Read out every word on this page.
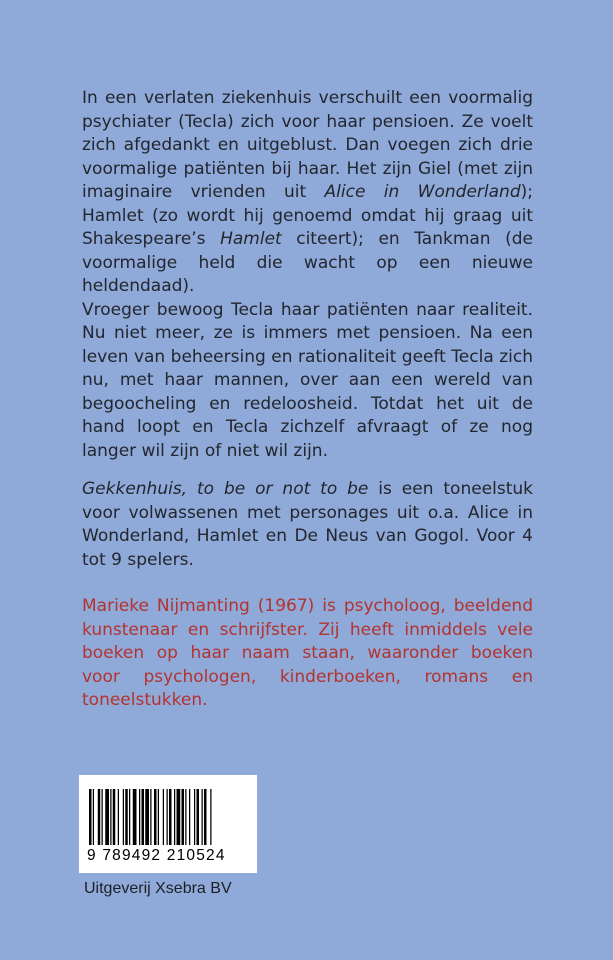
In een verlaten ziekenhuis verschuilt een voormalig psychiater (Tecla) zich voor haar pensioen. Ze voelt zich afgedankt en uitgeblust. Dan voegen zich drie voormalige patiënten bij haar. Het zijn Giel (met zijn imaginaire vrienden uit Alice in Wonderland); Hamlet (zo wordt hij genoemd omdat hij graag uit Shakespeare’s Hamlet citeert); en Tankman (de voormalige held die wacht op een nieuwe heldendaad).

Vroeger bewoog Tecla haar patiënten naar realiteit. Nu niet meer, ze is immers met pensioen. Na een leven van beheersing en rationaliteit geeft Tecla zich nu, met haar mannen, over aan een wereld van begoocheling en redeloosheid. Totdat het uit de hand loopt en Tecla zichzelf afvraagt of ze nog langer wil zijn of niet wil zijn.

Gekkenhuis, to be or not to be is een toneelstuk voor volwassenen met personages uit o.a. Alice in Wonderland, Hamlet en De Neus van Gogol. Voor 4 tot 9 spelers.

Marieke Nijmanting (1967) is psycholoog, beeldend kunstenaar en schrijfster. Zij heeft inmiddels vele boeken op haar naam staan, waaronder boeken voor psychologen, kinderboeken, romans en toneelstukken.

9 789492 210524
Uitgeverij Xsebra BV
